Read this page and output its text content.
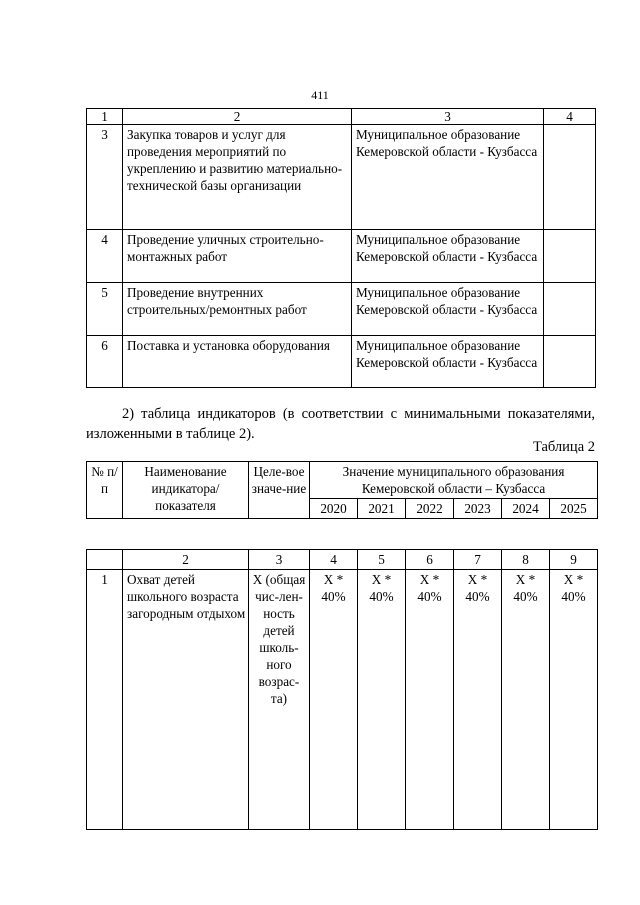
411
1	2	3	4
3	Закупка товаров и услуг для проведения мероприятий по укреплению и развитию материально-технической базы организации	Муниципальное образование Кемеровской области - Кузбасса	
4	Проведение уличных строительно-монтажных работ	Муниципальное образование Кемеровской области - Кузбасса	
5	Проведение внутренних строительных/ремонтных работ	Муниципальное образование Кемеровской области - Кузбасса	
6	Поставка и установка оборудования	Муниципальное образование Кемеровской области - Кузбасса	
2) таблица индикаторов (в соответствии с минимальными показателями, изложенными в таблице 2).
Таблица 2
№ п/п	Наименование индикатора/ показателя	Целе-вое значе-ние	Значение муниципального образования Кемеровской области – Кузбасса					
			2020	2021	2022	2023	2024	2025
	2	3	4	5	6	7	8	9
1	Охват детей школьного возраста загородным отдыхом	Х (общая чис-лен-ность детей школь-ного возрас-та)	Х * 40%	Х * 40%	Х * 40%	Х * 40%	Х * 40%	Х * 40%
